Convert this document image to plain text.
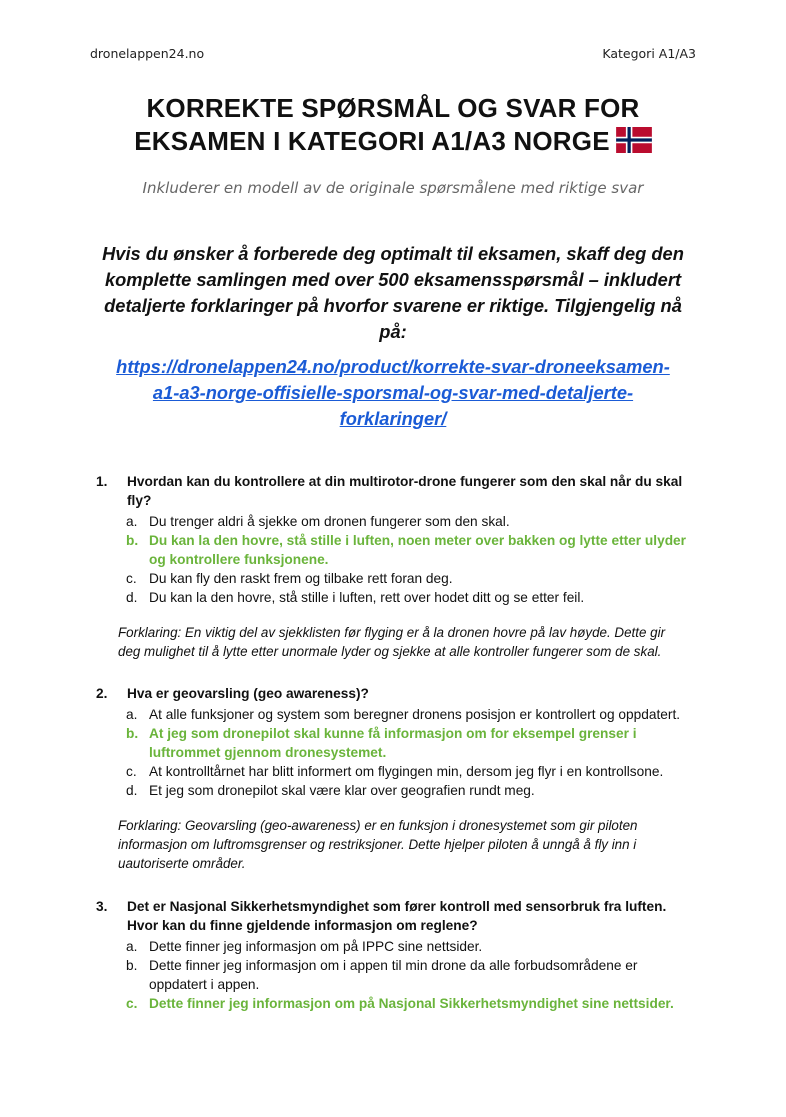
dronelappen24.no	Kategori A1/A3
KORREKTE SPØRSMÅL OG SVAR FOR
EKSAMEN I KATEGORI A1/A3 NORGE
Inkluderer en modell av de originale spørsmålene med riktige svar
Hvis du ønsker å forberede deg optimalt til eksamen, skaff deg den
komplette samlingen med over 500 eksamensspørsmål – inkludert
detaljerte forklaringer på hvorfor svarene er riktige. Tilgjengelig nå
på:
https://dronelappen24.no/product/korrekte-svar-droneeksamen-
a1-a3-norge-offisielle-sporsmal-og-svar-med-detaljerte-
forklaringer/
1. Hvordan kan du kontrollere at din multirotor-drone fungerer som den skal når du skal
fly?
a. Du trenger aldri å sjekke om dronen fungerer som den skal.
b. Du kan la den hovre, stå stille i luften, noen meter over bakken og lytte etter ulyder
og kontrollere funksjonene.
c. Du kan fly den raskt frem og tilbake rett foran deg.
d. Du kan la den hovre, stå stille i luften, rett over hodet ditt og se etter feil.
Forklaring: En viktig del av sjekklisten før flyging er å la dronen hovre på lav høyde. Dette gir
deg mulighet til å lytte etter unormale lyder og sjekke at alle kontroller fungerer som de skal.
2. Hva er geovarsling (geo awareness)?
a. At alle funksjoner og system som beregner dronens posisjon er kontrollert og oppdatert.
b. At jeg som dronepilot skal kunne få informasjon om for eksempel grenser i
luftrommet gjennom dronesystemet.
c. At kontrolltårnet har blitt informert om flygingen min, dersom jeg flyr i en kontrollsone.
d. Et jeg som dronepilot skal være klar over geografien rundt meg.
Forklaring: Geovarsling (geo-awareness) er en funksjon i dronesystemet som gir piloten
informasjon om luftromsgrenser og restriksjoner. Dette hjelper piloten å unngå å fly inn i
uautoriserte områder.
3. Det er Nasjonal Sikkerhetsmyndighet som fører kontroll med sensorbruk fra luften.
Hvor kan du finne gjeldende informasjon om reglene?
a. Dette finner jeg informasjon om på IPPC sine nettsider.
b. Dette finner jeg informasjon om i appen til min drone da alle forbudsområdene er
oppdatert i appen.
c. Dette finner jeg informasjon om på Nasjonal Sikkerhetsmyndighet sine nettsider.
